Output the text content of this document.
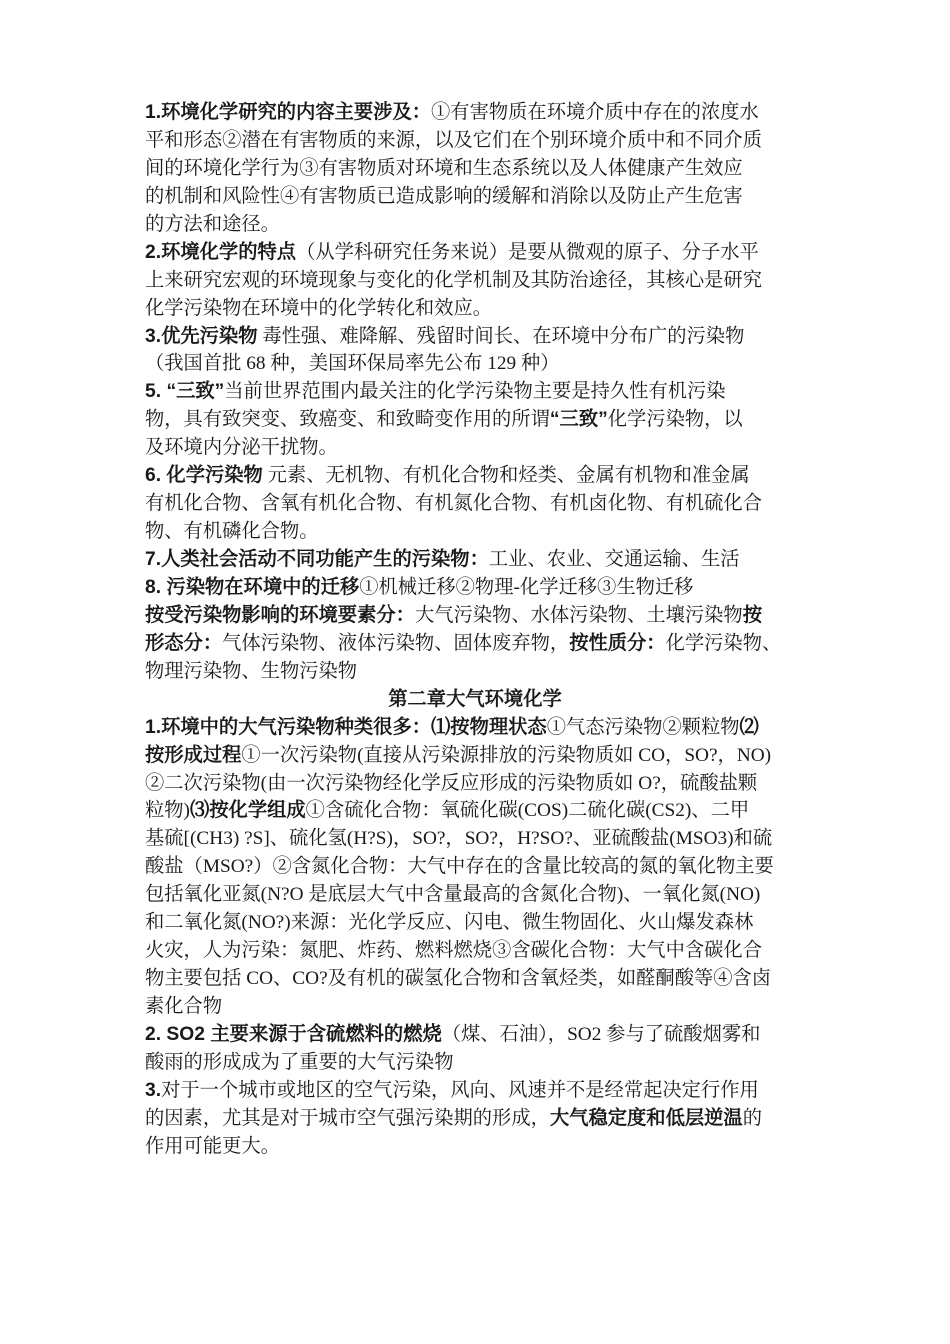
1.环境化学研究的内容主要涉及：①有害物质在环境介质中存在的浓度水
平和形态②潜在有害物质的来源，以及它们在个别环境介质中和不同介质
间的环境化学行为③有害物质对环境和生态系统以及人体健康产生效应
的机制和风险性④有害物质已造成影响的缓解和消除以及防止产生危害
的方法和途径。
2.环境化学的特点（从学科研究任务来说）是要从微观的原子、分子水平
上来研究宏观的环境现象与变化的化学机制及其防治途径，其核心是研究
化学污染物在环境中的化学转化和效应。
3.优先污染物 毒性强、难降解、残留时间长、在环境中分布广的污染物
（我国首批 68 种，美国环保局率先公布 129 种）
5. “三致”当前世界范围内最关注的化学污染物主要是持久性有机污染
物，具有致突变、致癌变、和致畸变作用的所谓“三致”化学污染物，以
及环境内分泌干扰物。
6. 化学污染物 元素、无机物、有机化合物和烃类、金属有机物和准金属
有机化合物、含氧有机化合物、有机氮化合物、有机卤化物、有机硫化合
物、有机磷化合物。
7.人类社会活动不同功能产生的污染物：工业、农业、交通运输、生活
8. 污染物在环境中的迁移①机械迁移②物理-化学迁移③生物迁移
按受污染物影响的环境要素分：大气污染物、水体污染物、土壤污染物按
形态分：气体污染物、液体污染物、固体废弃物，按性质分：化学污染物、
物理污染物、生物污染物
第二章大气环境化学
1.环境中的大气污染物种类很多：⑴按物理状态①气态污染物②颗粒物⑵
按形成过程①一次污染物(直接从污染源排放的污染物质如 CO，SO?，NO)
②二次污染物(由一次污染物经化学反应形成的污染物质如 O?，硫酸盐颗
粒物)⑶按化学组成①含硫化合物：氧硫化碳(COS)二硫化碳(CS2)、二甲
基硫[(CH3) ?S]、硫化氢(H?S)，SO?，SO?，H?SO?、亚硫酸盐(MSO3)和硫
酸盐（MSO?）②含氮化合物：大气中存在的含量比较高的氮的氧化物主要
包括氧化亚氮(N?O 是底层大气中含量最高的含氮化合物)、一氧化氮(NO)
和二氧化氮(NO?)来源：光化学反应、闪电、微生物固化、火山爆发森林
火灾，人为污染：氮肥、炸药、燃料燃烧③含碳化合物：大气中含碳化合
物主要包括 CO、CO?及有机的碳氢化合物和含氧烃类，如醛酮酸等④含卤
素化合物
2. SO2 主要来源于含硫燃料的燃烧（煤、石油），SO2 参与了硫酸烟雾和
酸雨的形成成为了重要的大气污染物
3.对于一个城市或地区的空气污染，风向、风速并不是经常起决定行作用
的因素，尤其是对于城市空气强污染期的形成，大气稳定度和低层逆温的
作用可能更大。
